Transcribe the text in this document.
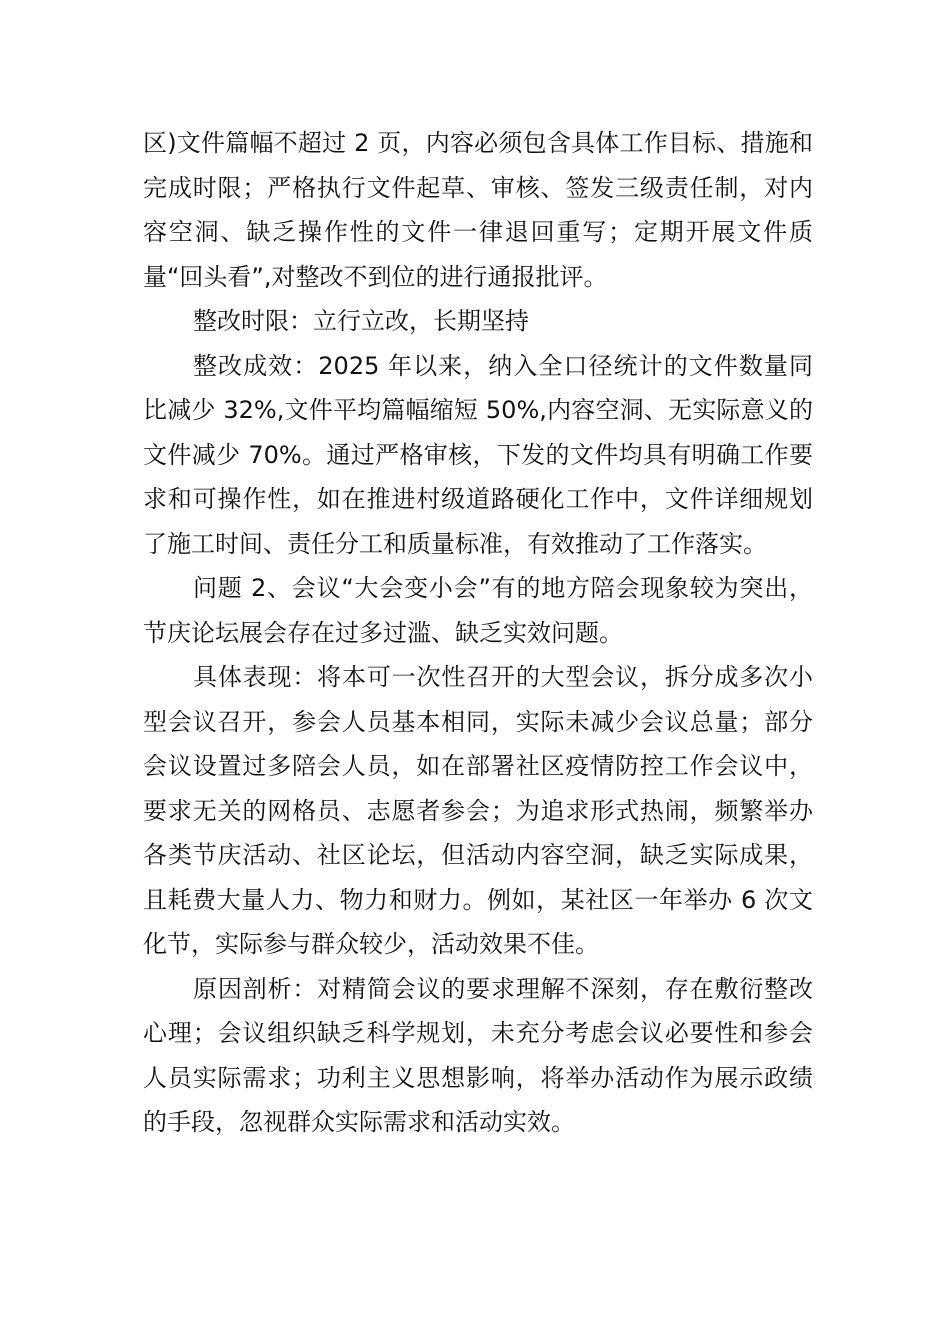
区)文件篇幅不超过 2 页，内容必须包含具体工作目标、措施和完成时限；严格执行文件起草、审核、签发三级责任制，对内容空洞、缺乏操作性的文件一律退回重写；定期开展文件质量“回头看”,对整改不到位的进行通报批评。

整改时限：立行立改，长期坚持

整改成效：2025 年以来，纳入全口径统计的文件数量同比减少 32%,文件平均篇幅缩短 50%,内容空洞、无实际意义的文件减少 70%。通过严格审核，下发的文件均具有明确工作要求和可操作性，如在推进村级道路硬化工作中，文件详细规划了施工时间、责任分工和质量标准，有效推动了工作落实。

问题 2、会议“大会变小会”有的地方陪会现象较为突出，节庆论坛展会存在过多过滥、缺乏实效问题。

具体表现：将本可一次性召开的大型会议，拆分成多次小型会议召开，参会人员基本相同，实际未减少会议总量；部分会议设置过多陪会人员，如在部署社区疫情防控工作会议中，要求无关的网格员、志愿者参会；为追求形式热闹，频繁举办各类节庆活动、社区论坛，但活动内容空洞，缺乏实际成果，且耗费大量人力、物力和财力。例如，某社区一年举办 6 次文化节，实际参与群众较少，活动效果不佳。

原因剖析：对精简会议的要求理解不深刻，存在敷衍整改心理；会议组织缺乏科学规划，未充分考虑会议必要性和参会人员实际需求；功利主义思想影响，将举办活动作为展示政绩的手段，忽视群众实际需求和活动实效。
